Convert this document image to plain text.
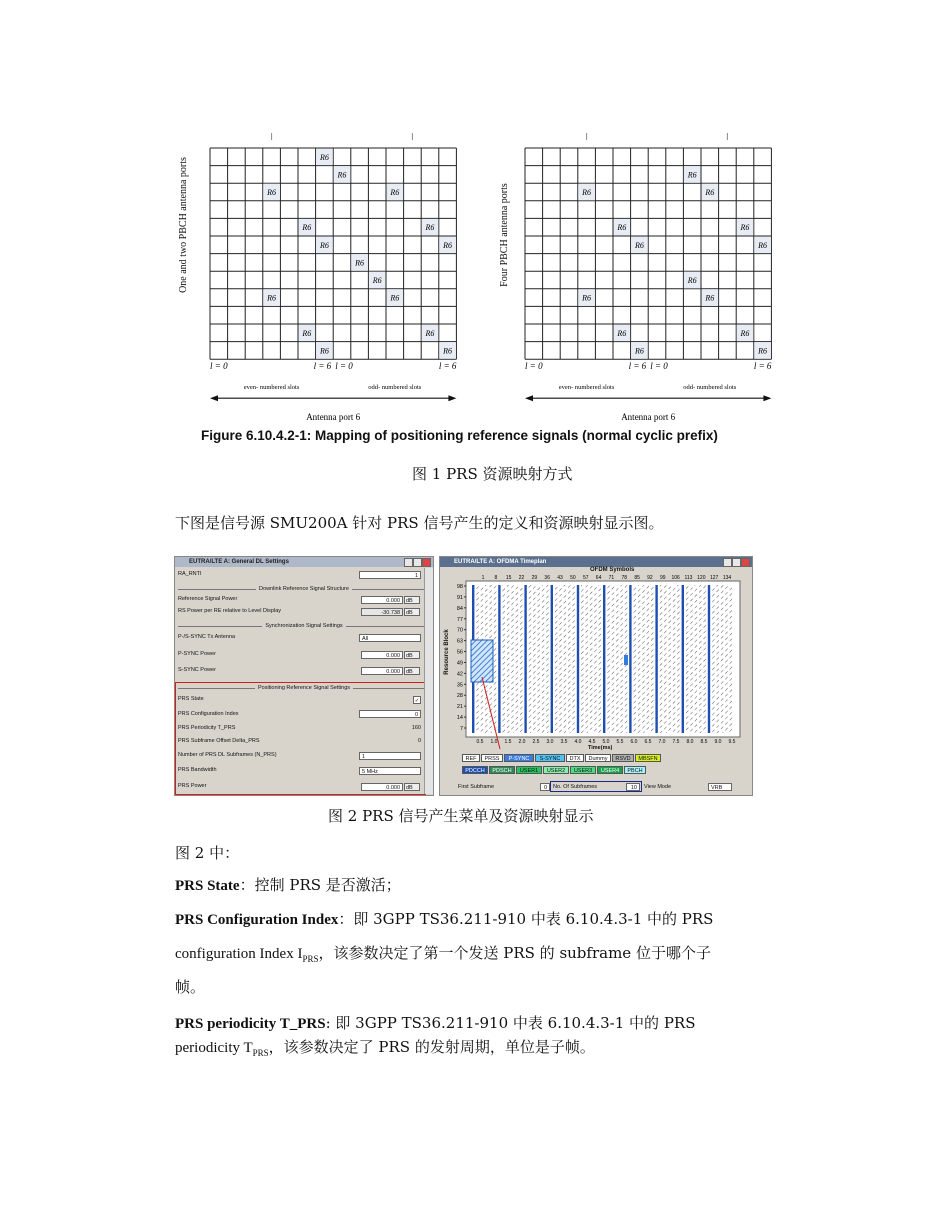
R6
R6
R6	R6
R6	R6
R6	R6
R6
R6
R6	R6
R6	R6
R6	R6
l = 0	l = 6 l = 0	l = 6
even- numbered slots	odd- numbered slots
Antenna port 6
R6
R6	R6
R6	R6
R6	R6
R6
R6	R6
R6	R6
R6	R6
l = 0	l = 6 l = 0	l = 6
even- numbered slots	odd- numbered slots
Antenna port 6
One and two PBCH antenna ports	Four PBCH antenna ports
Figure 6.10.4.2-1: Mapping of positioning reference signals (normal cyclic prefix)
图 1 PRS 资源映射方式
下图是信号源 SMU200A 针对 PRS 信号产生的定义和资源映射显示图。
EUTRA/LTE A: General DL Settings
RA_RNTI	1
Downlink Reference Signal Structure
Reference Signal Power	0.000	dB
RS Power per RE relative to Level Display	-30.738	dB
Synchronization Signal Settings
P-/S-SYNC Tx Antenna	All
P-SYNC Power	0.000	dB
S-SYNC Power	0.000	dB
Positioning Reference Signal Settings
PRS State	✓
PRS Configuration Index	0
PRS Periodicity T_PRS	160
PRS Subframe Offset Delta_PRS	0
Number of PRS DL Subframes (N_PRS)	1
PRS Bandwidth	5 MHz
PRS Power	0.000	dB
EUTRA/LTE A: OFDMA Timeplan
OFDM Symbols
Resource Block
98
91
84
77
70
63
56
49
42
35
28
21
14
7
1 8 15 22 29 36 43 50 57 64 71 78 85 92 99 106 113 120 127 134
0.5 1.0 1.5 2.0 2.5 3.0 3.5 4.0 4.5 5.0 5.5 6.0 6.5 7.0 7.5 8.0 8.5 9.0 9.5
Time(ms)
REF	PRSS	P-SYNC	S-SYNC	DTX	Dummy	RSVD	MBSFN
PDCCH	PDSCH	USER1	USER2	USER3	USER4	PBCH
First Subframe	0	No. Of Subframes	10	View Mode	VRB
图 2 PRS 信号产生菜单及资源映射显示
图 2 中：
PRS State：控制 PRS 是否激活；
PRS Configuration Index：即 3GPP TS36.211-910 中表 6.10.4.3-1 中的 PRS
configuration Index $I_{PRS}$，该参数决定了第一个发送 PRS 的 subframe 位于哪个子
帧。
PRS periodicity T_PRS: 即 3GPP TS36.211-910 中表 6.10.4.3-1 中的 PRS
periodicity $T_{PRS}$，该参数决定了 PRS 的发射周期，单位是子帧。
